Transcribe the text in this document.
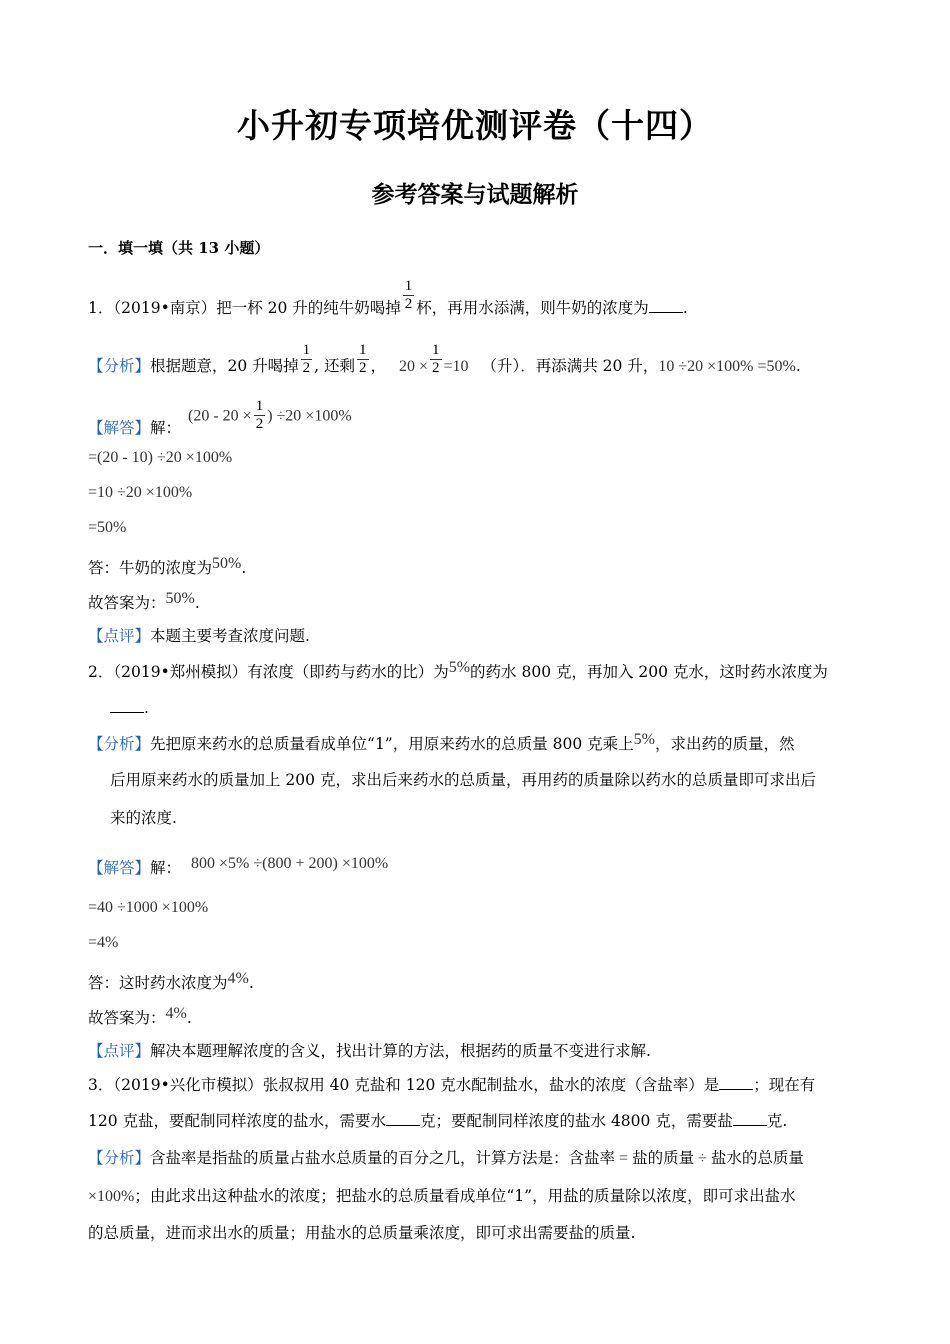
小升初专项培优测评卷（十四）
参考答案与试题解析
一．填一填（共 13 小题）
1．（2019•南京）把一杯 20 升的纯牛奶喝掉 $\frac{1}{2}$ 杯，再用水添满，则牛奶的浓度为 .
【分析】根据题意，20 升喝掉 $\frac{1}{2}$ , 还剩 $\frac{1}{2}$ ， $20 \times \frac{1}{2} =10$ （升）．再添满共 20 升，10 ÷20 ×100% =50%.
($20 - 20 \times \frac{1}{2}$ ) ÷20 ×100%
【解答】解：
=(20 - 10) ÷20 ×100%
=10 ÷20 ×100%
=50%
答：牛奶的浓度为50%.
故答案为：50%.
【点评】本题主要考查浓度问题.
2．（2019•郑州模拟）有浓度（即药与药水的比）为5%的药水 800 克，再加入 200 克水，这时药水浓度为
.
【分析】先把原来药水的总质量看成单位“1”，用原来药水的总质量 800 克乘上5%，求出药的质量，然
后用原来药水的质量加上 200 克，求出后来药水的总质量，再用药的质量除以药水的总质量即可求出后
来的浓度.
【解答】解： 800 ×5% ÷(800 + 200) ×100%
=40 ÷1000 ×100%
=4%
答：这时药水浓度为4%.
故答案为：4%.
【点评】解决本题理解浓度的含义，找出计算的方法，根据药的质量不变进行求解.
3．（2019•兴化市模拟）张叔叔用 40 克盐和 120 克水配制盐水，盐水的浓度（含盐率）是 ；现在有
120 克盐，要配制同样浓度的盐水，需要水 克；要配制同样浓度的盐水 4800 克，需要盐 克.
【分析】含盐率是指盐的质量占盐水总质量的百分之几，计算方法是：含盐率 = 盐的质量 ÷ 盐水的总质量
×100%；由此求出这种盐水的浓度；把盐水的总质量看成单位“1”，用盐的质量除以浓度，即可求出盐水
的总质量，进而求出水的质量；用盐水的总质量乘浓度，即可求出需要盐的质量.
